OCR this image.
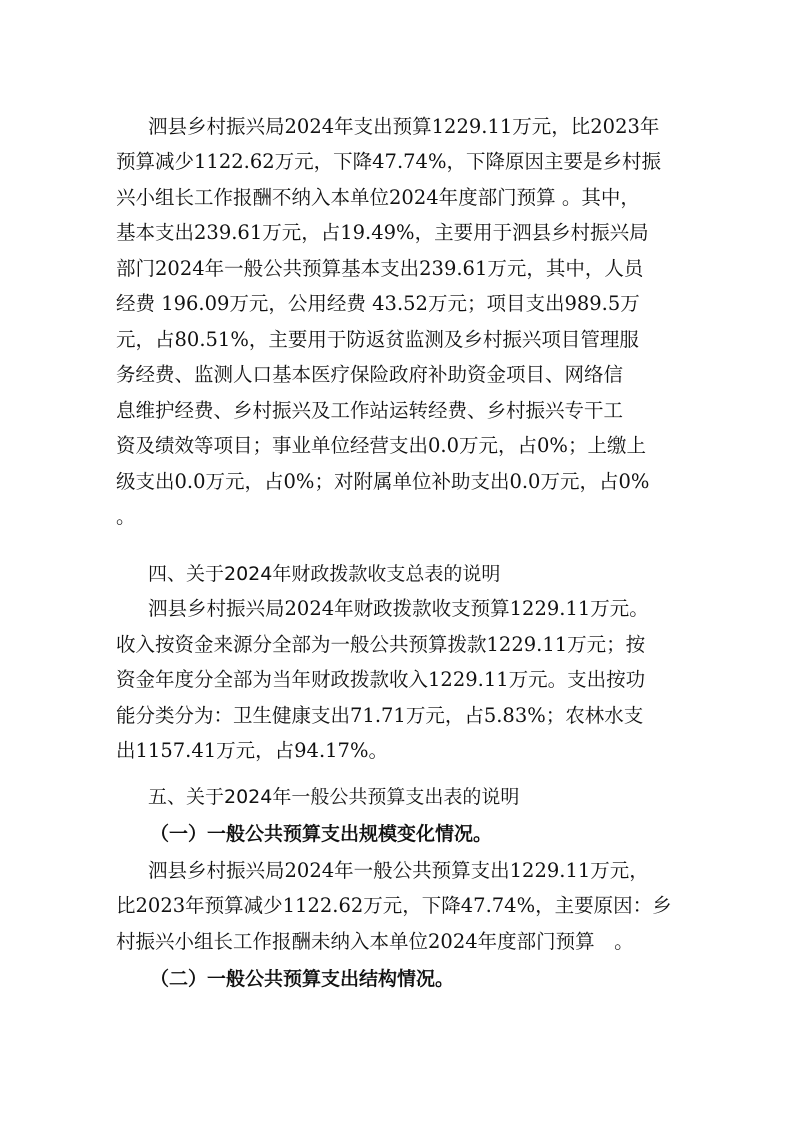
泗县乡村振兴局2024年支出预算1229.11万元，比2023年
预算减少1122.62万元，下降47.74%，下降原因主要是乡村振
兴小组长工作报酬不纳入本单位2024年度部门预算 。其中，
基本支出239.61万元，占19.49%，主要用于泗县乡村振兴局
部门2024年一般公共预算基本支出239.61万元，其中，人员
经费 196.09万元，公用经费 43.52万元；项目支出989.5万
元，占80.51%，主要用于防返贫监测及乡村振兴项目管理服
务经费、监测人口基本医疗保险政府补助资金项目、网络信
息维护经费、乡村振兴及工作站运转经费、乡村振兴专干工
资及绩效等项目；事业单位经营支出0.0万元，占0%；上缴上
级支出0.0万元，占0%；对附属单位补助支出0.0万元，占0%
。
四、关于2024年财政拨款收支总表的说明
泗县乡村振兴局2024年财政拨款收支预算1229.11万元。
收入按资金来源分全部为一般公共预算拨款1229.11万元；按
资金年度分全部为当年财政拨款收入1229.11万元。支出按功
能分类分为：卫生健康支出71.71万元，占5.83%；农林水支
出1157.41万元，占94.17%。
五、关于2024年一般公共预算支出表的说明
（一）一般公共预算支出规模变化情况。
泗县乡村振兴局2024年一般公共预算支出1229.11万元，
比2023年预算减少1122.62万元，下降47.74%，主要原因：乡
村振兴小组长工作报酬未纳入本单位2024年度部门预算　。
（二）一般公共预算支出结构情况。
